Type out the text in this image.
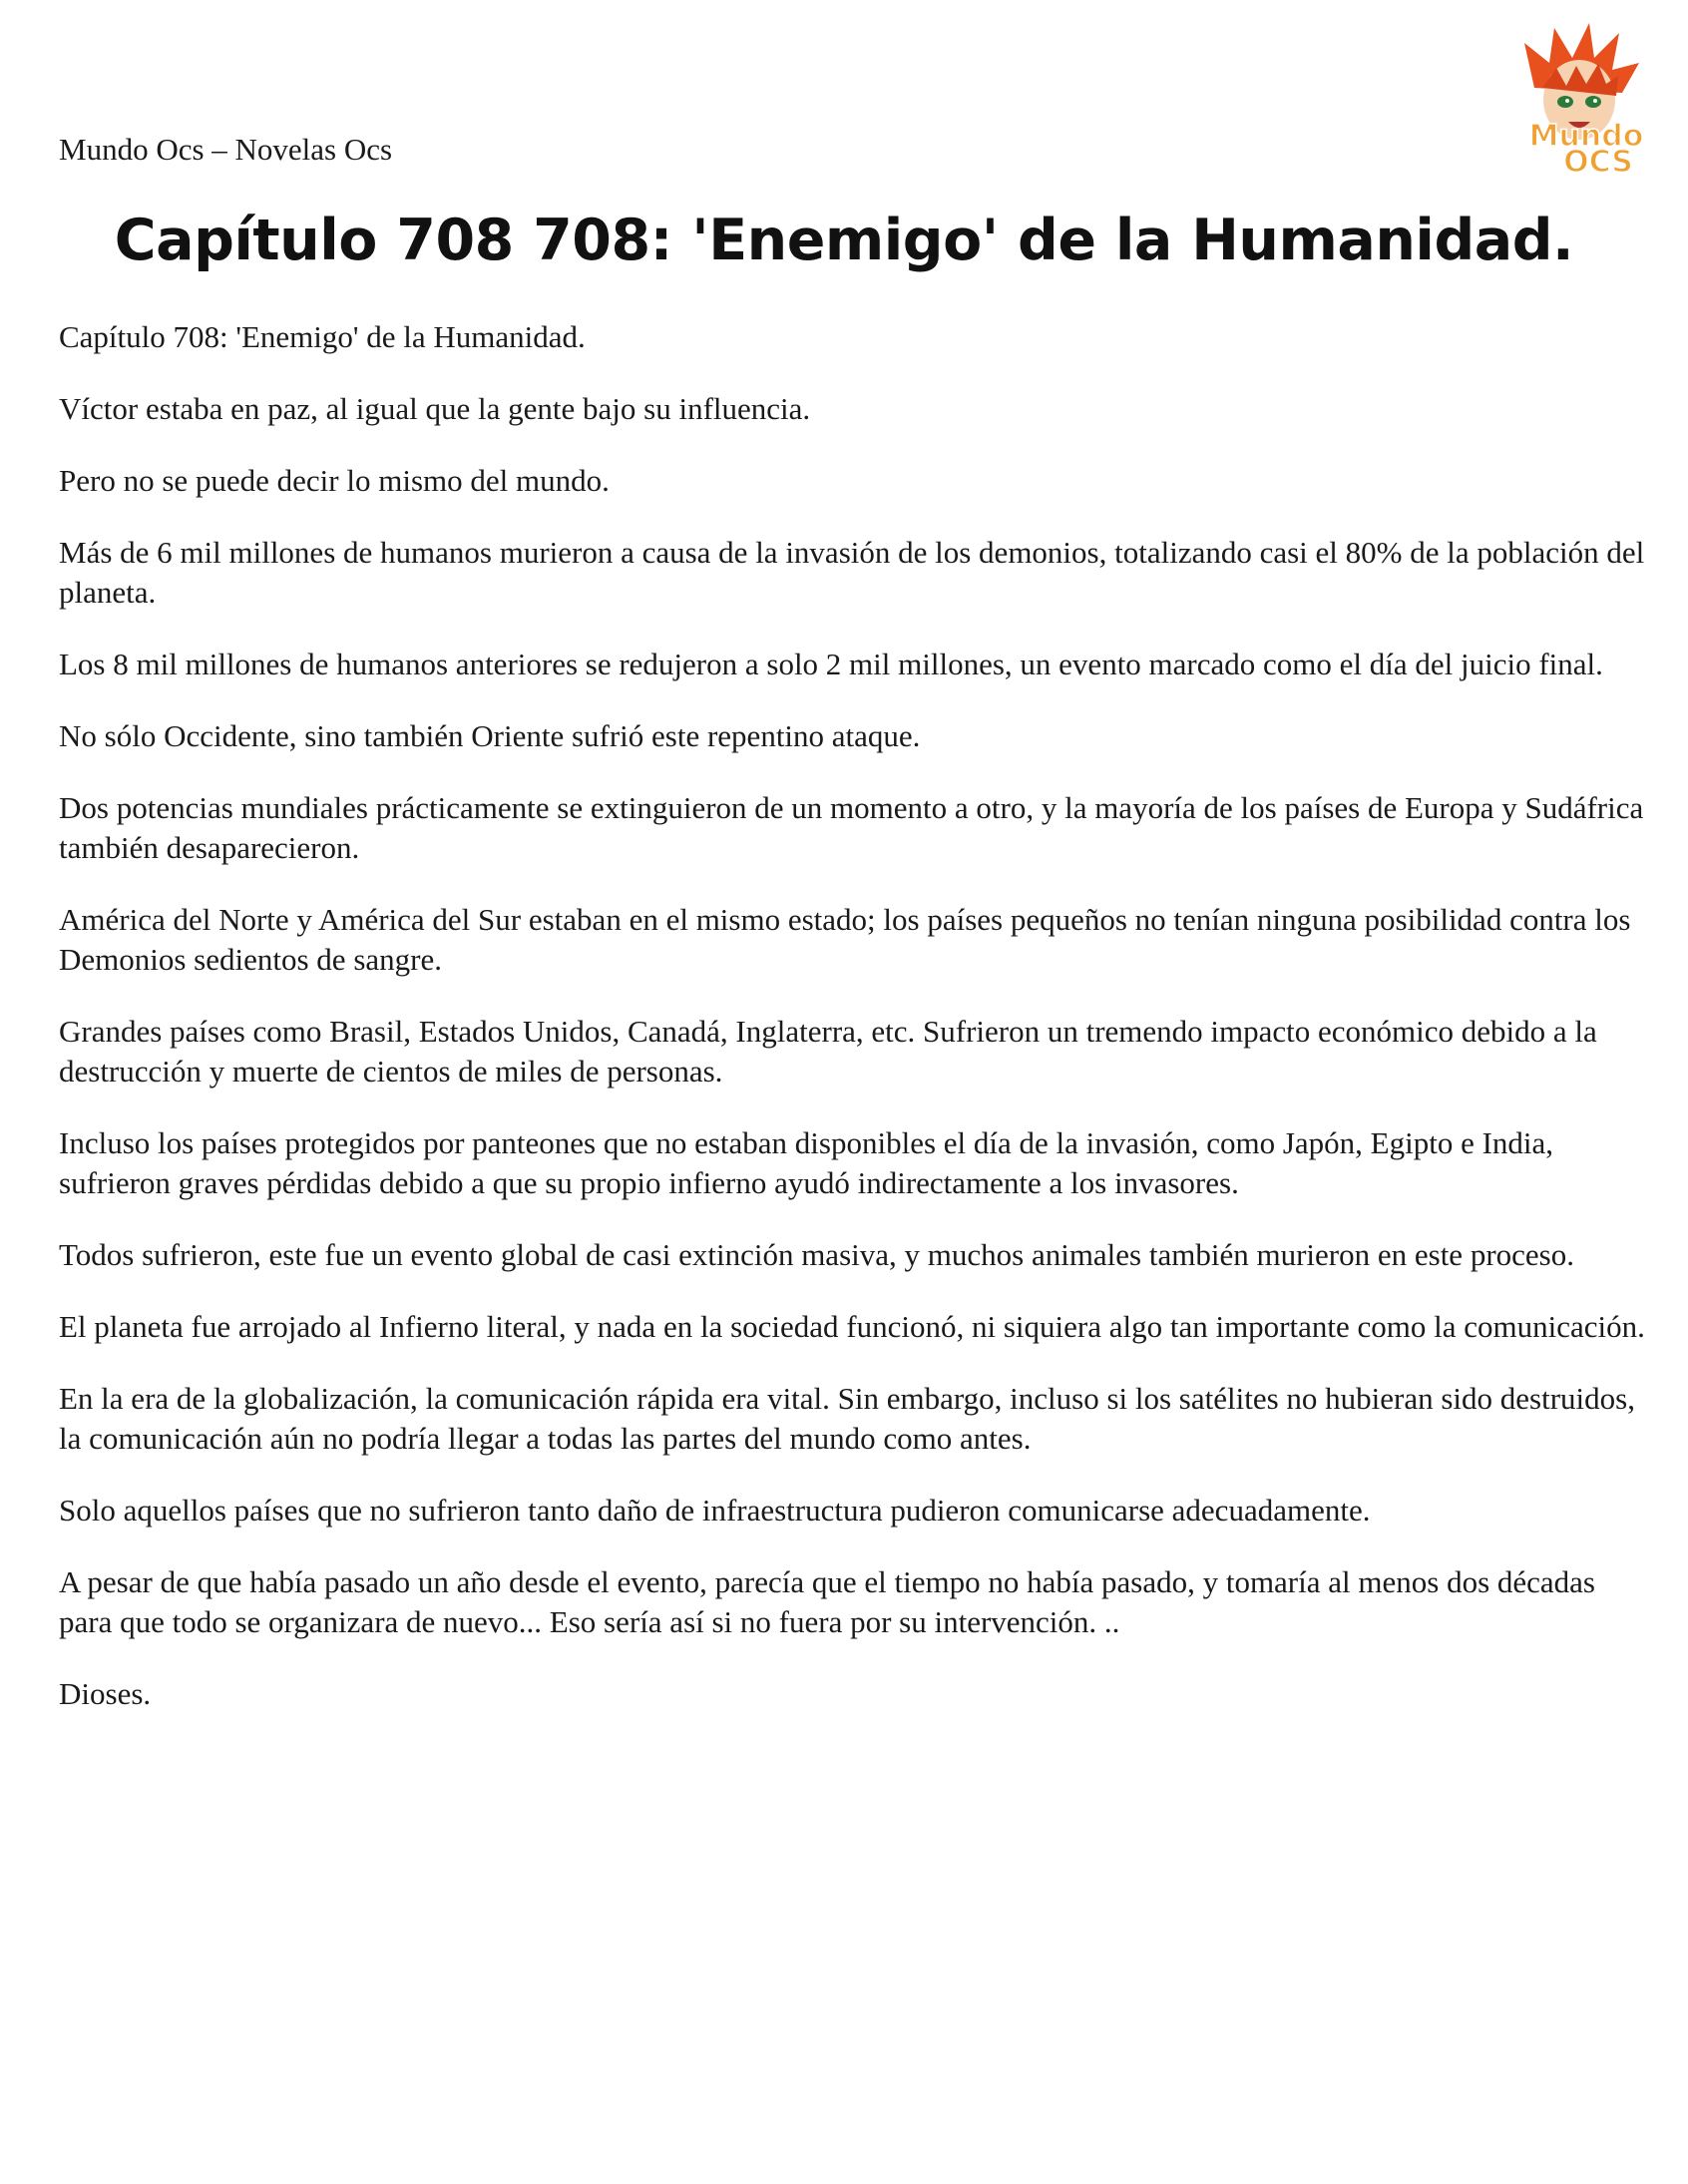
Mundo Ocs – Novelas Ocs	Mundo
OCS
Capítulo 708 708: 'Enemigo' de la Humanidad.

Capítulo 708: 'Enemigo' de la Humanidad.

Víctor estaba en paz, al igual que la gente bajo su influencia.

Pero no se puede decir lo mismo del mundo.

Más de 6 mil millones de humanos murieron a causa de la invasión de los demonios, totalizando casi el 80% de la población del planeta.

Los 8 mil millones de humanos anteriores se redujeron a solo 2 mil millones, un evento marcado como el día del juicio final.

No sólo Occidente, sino también Oriente sufrió este repentino ataque.

Dos potencias mundiales prácticamente se extinguieron de un momento a otro, y la mayoría de los países de Europa y Sudáfrica también desaparecieron.

América del Norte y América del Sur estaban en el mismo estado; los países pequeños no tenían ninguna posibilidad contra los Demonios sedientos de sangre.

Grandes países como Brasil, Estados Unidos, Canadá, Inglaterra, etc. Sufrieron un tremendo impacto económico debido a la destrucción y muerte de cientos de miles de personas.

Incluso los países protegidos por panteones que no estaban disponibles el día de la invasión, como Japón, Egipto e India, sufrieron graves pérdidas debido a que su propio infierno ayudó indirectamente a los invasores.

Todos sufrieron, este fue un evento global de casi extinción masiva, y muchos animales también murieron en este proceso.

El planeta fue arrojado al Infierno literal, y nada en la sociedad funcionó, ni siquiera algo tan importante como la comunicación.

En la era de la globalización, la comunicación rápida era vital. Sin embargo, incluso si los satélites no hubieran sido destruidos, la comunicación aún no podría llegar a todas las partes del mundo como antes.

Solo aquellos países que no sufrieron tanto daño de infraestructura pudieron comunicarse adecuadamente.

A pesar de que había pasado un año desde el evento, parecía que el tiempo no había pasado, y tomaría al menos dos décadas para que todo se organizara de nuevo... Eso sería así si no fuera por su intervención. ..

Dioses.
